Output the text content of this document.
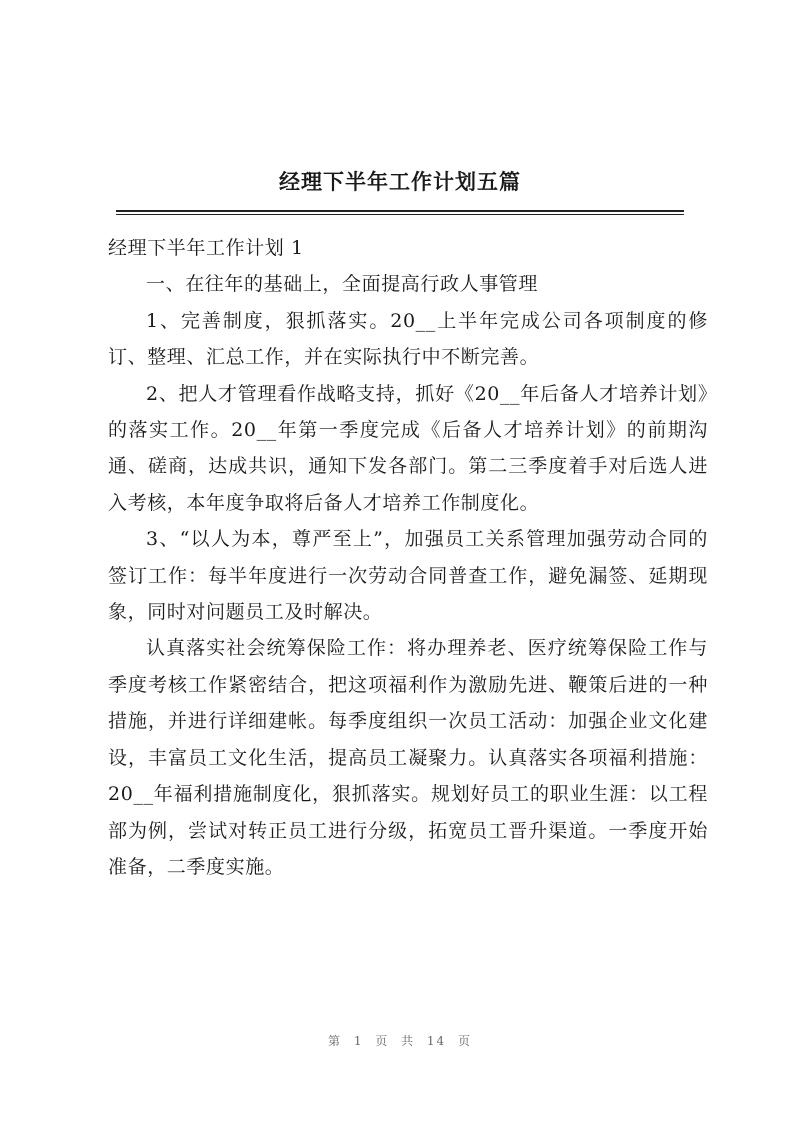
经理下半年工作计划五篇

经理下半年工作计划 1

一、在往年的基础上，全面提高行政人事管理

1、完善制度，狠抓落实。20__上半年完成公司各项制度的修订、整理、汇总工作，并在实际执行中不断完善。

2、把人才管理看作战略支持，抓好《20__年后备人才培养计划》的落实工作。20__年第一季度完成《后备人才培养计划》的前期沟通、磋商，达成共识，通知下发各部门。第二三季度着手对后选人进入考核，本年度争取将后备人才培养工作制度化。

3、“以人为本，尊严至上”，加强员工关系管理加强劳动合同的签订工作：每半年度进行一次劳动合同普查工作，避免漏签、延期现象，同时对问题员工及时解决。

认真落实社会统筹保险工作：将办理养老、医疗统筹保险工作与季度考核工作紧密结合，把这项福利作为激励先进、鞭策后进的一种措施，并进行详细建帐。每季度组织一次员工活动：加强企业文化建设，丰富员工文化生活，提高员工凝聚力。认真落实各项福利措施：20__年福利措施制度化，狠抓落实。规划好员工的职业生涯：以工程部为例，尝试对转正员工进行分级，拓宽员工晋升渠道。一季度开始准备，二季度实施。

第 1 页 共 14 页
